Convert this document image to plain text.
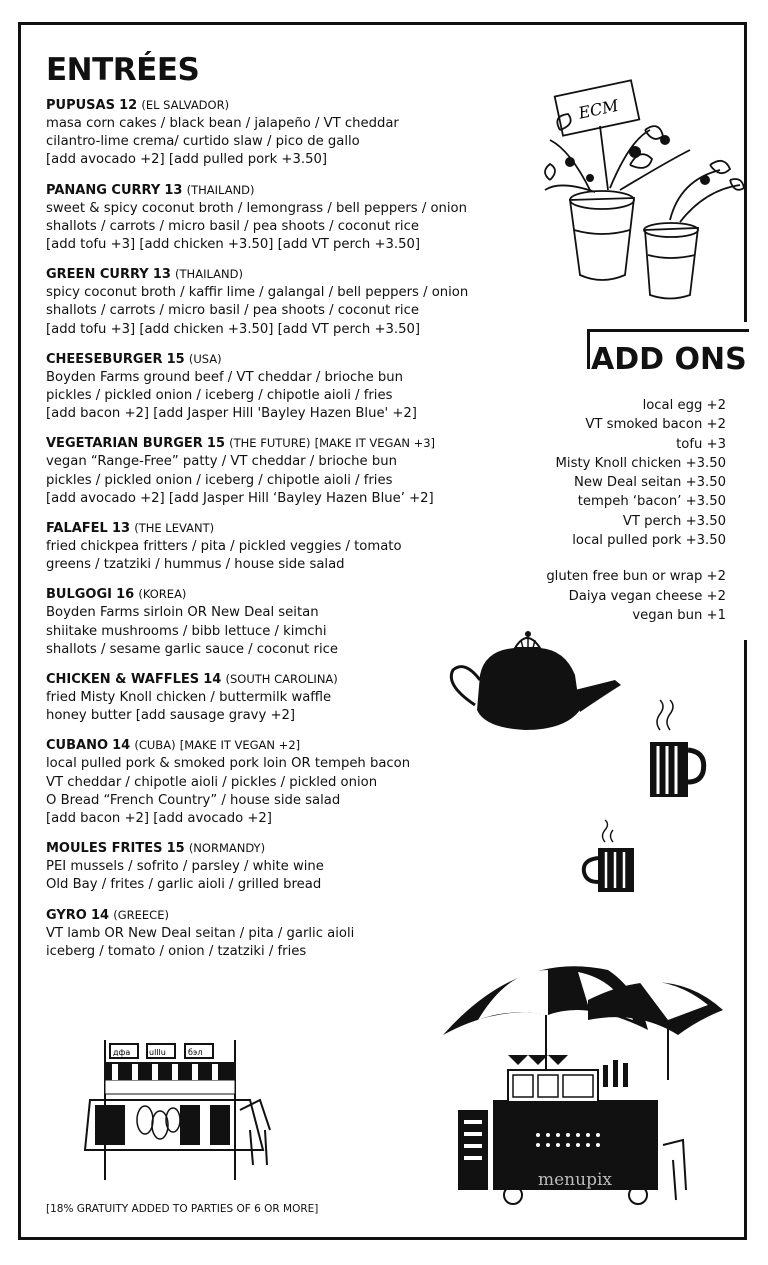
ENTRÉES
PUPUSAS 12 (EL SALVADOR)
masa corn cakes / black bean / jalapeño / VT cheddar
cilantro-lime crema/ curtido slaw / pico de gallo
[add avocado +2] [add pulled pork +3.50]
PANANG CURRY 13 (THAILAND)
sweet & spicy coconut broth / lemongrass / bell peppers / onion
shallots / carrots / micro basil / pea shoots / coconut rice
[add tofu +3] [add chicken +3.50] [add VT perch +3.50]
GREEN CURRY 13 (THAILAND)
spicy coconut broth / kaffir lime / galangal / bell peppers / onion
shallots / carrots / micro basil / pea shoots / coconut rice
[add tofu +3] [add chicken +3.50] [add VT perch +3.50]
CHEESEBURGER 15 (USA)
Boyden Farms ground beef / VT cheddar / brioche bun
pickles / pickled onion / iceberg / chipotle aioli / fries
[add bacon +2] [add Jasper Hill 'Bayley Hazen Blue' +2]
VEGETARIAN BURGER 15 (THE FUTURE) [MAKE IT VEGAN +3]
vegan “Range-Free” patty / VT cheddar / brioche bun
pickles / pickled onion / iceberg / chipotle aioli / fries
[add avocado +2] [add Jasper Hill ‘Bayley Hazen Blue’ +2]
FALAFEL 13 (THE LEVANT)
fried chickpea fritters / pita / pickled veggies / tomato
greens / tzatziki / hummus / house side salad
BULGOGI 16 (KOREA)
Boyden Farms sirloin OR New Deal seitan
shiitake mushrooms / bibb lettuce / kimchi
shallots / sesame garlic sauce / coconut rice
CHICKEN & WAFFLES 14 (SOUTH CAROLINA)
fried Misty Knoll chicken / buttermilk waffle
honey butter [add sausage gravy +2]
CUBANO 14 (CUBA) [MAKE IT VEGAN +2]
local pulled pork & smoked pork loin OR tempeh bacon
VT cheddar / chipotle aioli / pickles / pickled onion
O Bread “French Country” / house side salad
[add bacon +2] [add avocado +2]
MOULES FRITES 15 (NORMANDY)
PEI mussels / sofrito / parsley / white wine
Old Bay / frites / garlic aioli / grilled bread
GYRO 14 (GREECE)
VT lamb OR New Deal seitan / pita / garlic aioli
iceberg / tomato / onion / tzatziki / fries
ADD ONS
local egg +2
VT smoked bacon +2
tofu +3
Misty Knoll chicken +3.50
New Deal seitan +3.50
tempeh ‘bacon’ +3.50
VT perch +3.50
local pulled pork +3.50
gluten free bun or wrap +2
Daiya vegan cheese +2
vegan bun +1
[18% GRATUITY ADDED TO PARTIES OF 6 OR MORE]
ECM
дфа ulllu	бэл
menupix
